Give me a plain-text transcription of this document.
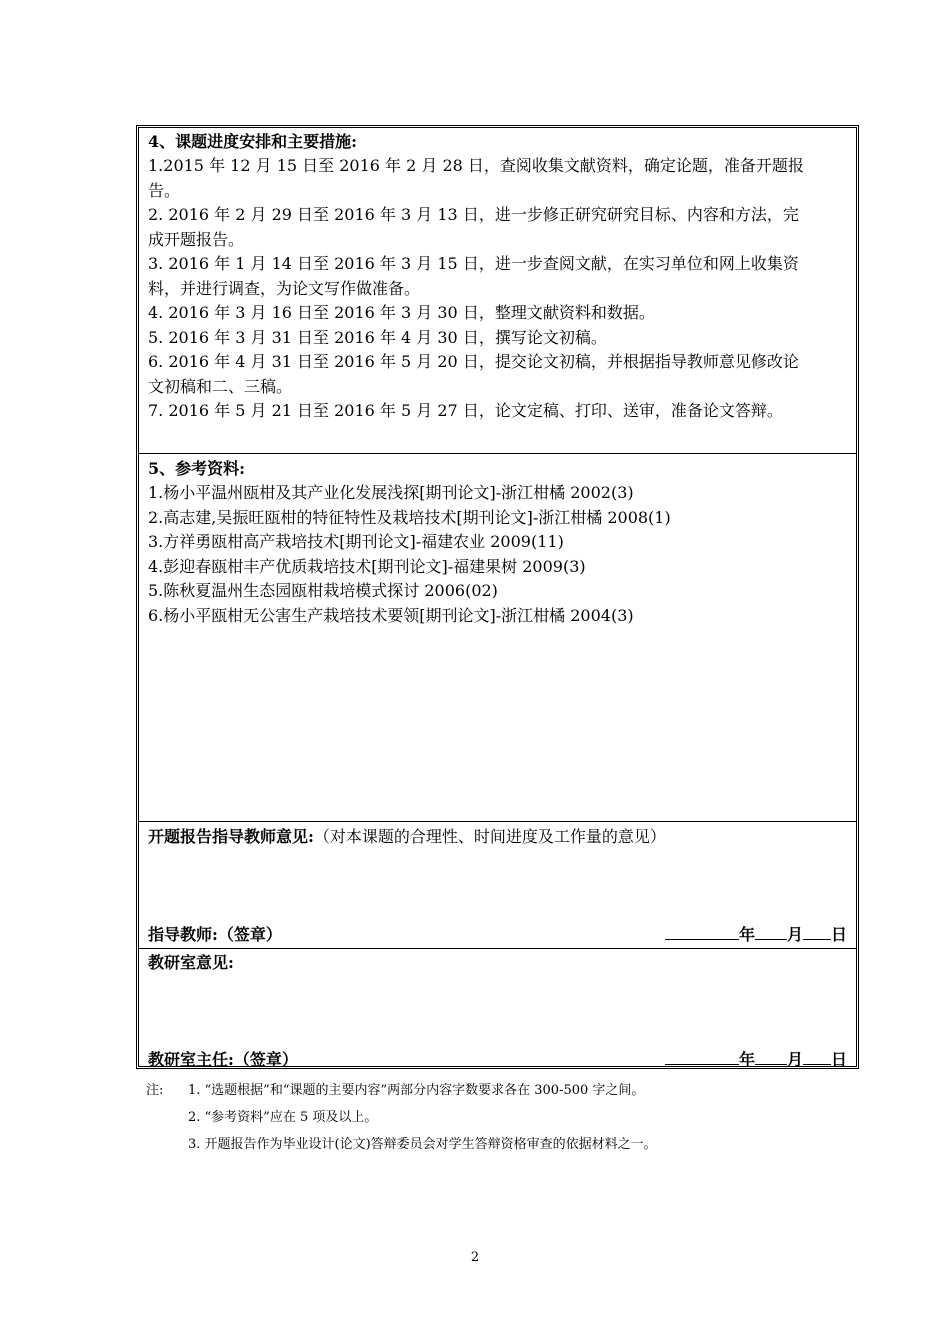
4、课题进度安排和主要措施:
1.2015 年 12 月 15 日至 2016 年 2 月 28 日，查阅收集文献资料，确定论题，准备开题报
告。
2. 2016 年 2 月 29 日至 2016 年 3 月 13 日，进一步修正研究研究目标、内容和方法，完
成开题报告。
3. 2016 年 1 月 14 日至 2016 年 3 月 15 日，进一步查阅文献，在实习单位和网上收集资
料，并进行调查，为论文写作做准备。
4. 2016 年 3 月 16 日至 2016 年 3 月 30 日，整理文献资料和数据。
5. 2016 年 3 月 31 日至 2016 年 4 月 30 日，撰写论文初稿。
6. 2016 年 4 月 31 日至 2016 年 5 月 20 日，提交论文初稿，并根据指导教师意见修改论
文初稿和二、三稿。
7. 2016 年 5 月 21 日至 2016 年 5 月 27 日，论文定稿、打印、送审，准备论文答辩。
5、参考资料:
1.杨小平温州瓯柑及其产业化发展浅探[期刊论文]-浙江柑橘 2002(3)
2.高志建,吴振旺瓯柑的特征特性及栽培技术[期刊论文]-浙江柑橘 2008(1)
3.方祥勇瓯柑高产栽培技术[期刊论文]-福建农业 2009(11)
4.彭迎春瓯柑丰产优质栽培技术[期刊论文]-福建果树 2009(3)
5.陈秋夏温州生态园瓯柑栽培模式探讨 2006(02)
6.杨小平瓯柑无公害生产栽培技术要领[期刊论文]-浙江柑橘 2004(3)
开题报告指导教师意见:（对本课题的合理性、时间进度及工作量的意见）
指导教师:（签章）	年 月 日
教研室意见:
教研室主任:（签章）	年 月 日
注: 1. “选题根据”和“课题的主要内容”两部分内容字数要求各在 300-500 字之间。
2. “参考资料”应在 5 项及以上。
3. 开题报告作为毕业设计(论文)答辩委员会对学生答辩资格审查的依据材料之一。
2
